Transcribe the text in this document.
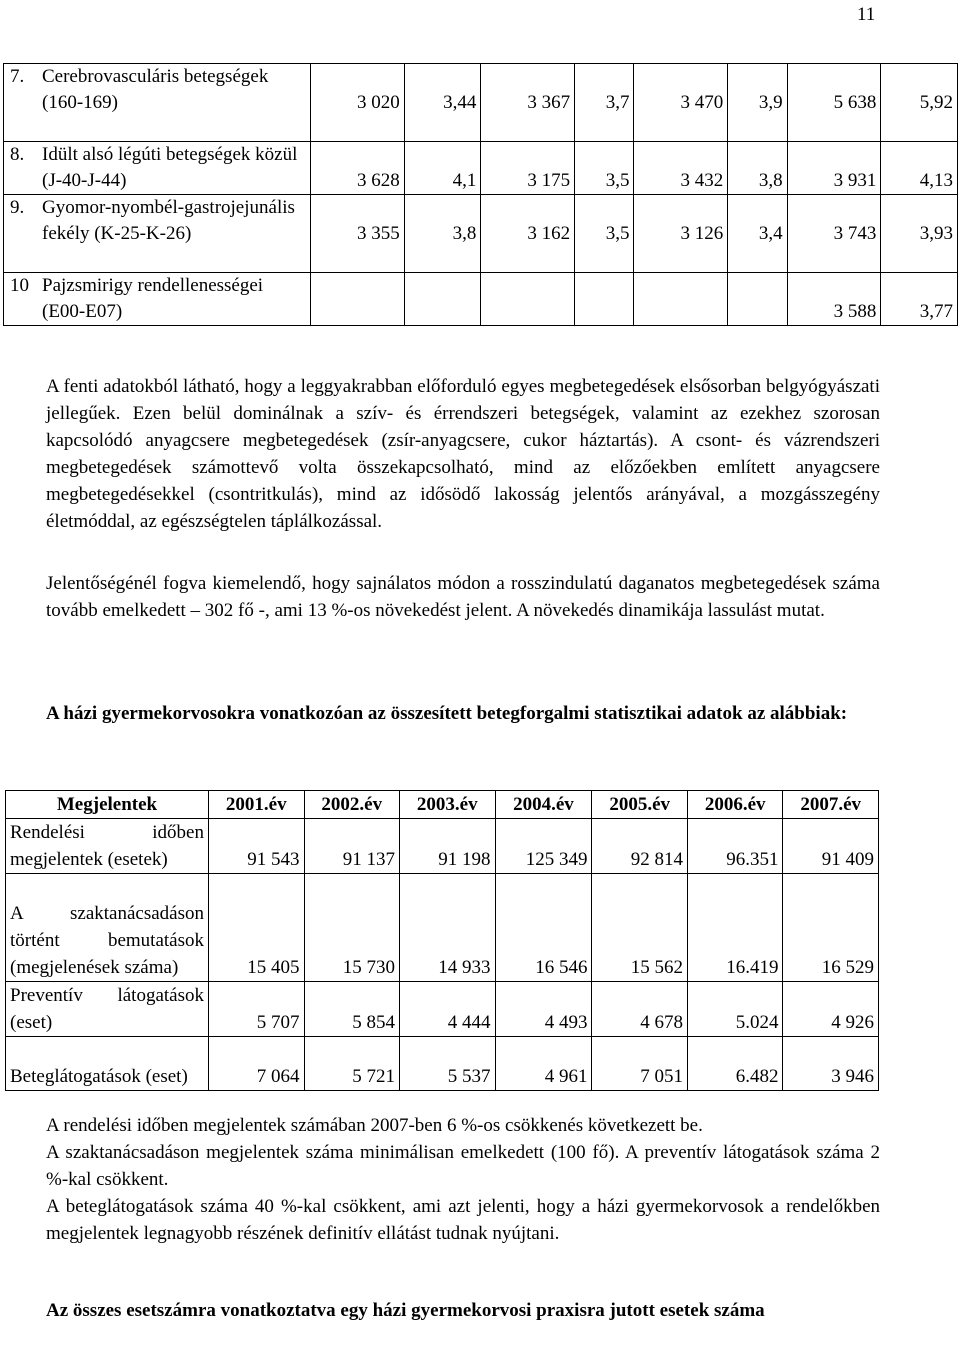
11
7.	Cerebrovasculáris betegségek (160-169)	3 020	3,44	3 367	3,7	3 470	3,9	5 638	5,92
8.	Idült alsó légúti betegségek közül (J-40-J-44)	3 628	4,1	3 175	3,5	3 432	3,8	3 931	4,13
9.	Gyomor-nyombél-gastrojejunális fekély (K-25-K-26)	3 355	3,8	3 162	3,5	3 126	3,4	3 743	3,93
10	Pajzsmirigy rendellenességei (E00-E07)							3 588	3,77

A fenti adatokból látható, hogy a leggyakrabban előforduló egyes megbetegedések elsősorban belgyógyászati jellegűek. Ezen belül dominálnak a szív- és érrendszeri betegségek, valamint az ezekhez szorosan kapcsolódó anyagcsere megbetegedések (zsír-anyagcsere, cukor háztartás). A csont- és vázrendszeri megbetegedések számottevő volta összekapcsolható, mind az előzőekben említett anyagcsere megbetegedésekkel (csontritkulás), mind az idősödő lakosság jelentős arányával, a mozgásszegény életmóddal, az egészségtelen táplálkozással.

Jelentőségénél fogva kiemelendő, hogy sajnálatos módon a rosszindulatú daganatos megbetegedések száma tovább emelkedett – 302 fő -, ami 13 %-os növekedést jelent. A növekedés dinamikája lassulást mutat.

A házi gyermekorvosokra vonatkozóan az összesített betegforgalmi statisztikai adatok az alábbiak:
Megjelentek	2001.év	2002.év	2003.év	2004.év	2005.év	2006.év	2007.év
Rendelési időben megjelentek (esetek)	91 543	91 137	91 198	125 349	92 814	96.351	91 409
A szaktanácsadáson történt bemutatások (megjelenések száma)	15 405	15 730	14 933	16 546	15 562	16.419	16 529
Preventív látogatások (eset)	5 707	5 854	4 444	4 493	4 678	5.024	4 926
Beteglátogatások (eset)	7 064	5 721	5 537	4 961	7 051	6.482	3 946

A rendelési időben megjelentek számában 2007-ben 6 %-os csökkenés következett be.

A szaktanácsadáson megjelentek száma minimálisan emelkedett (100 fő). A preventív látogatások száma 2 %-kal csökkent.

A beteglátogatások száma 40 %-kal csökkent, ami azt jelenti, hogy a házi gyermekorvosok a rendelőkben megjelentek legnagyobb részének definitív ellátást tudnak nyújtani.

Az összes esetszámra vonatkoztatva egy házi gyermekorvosi praxisra jutott esetek száma
